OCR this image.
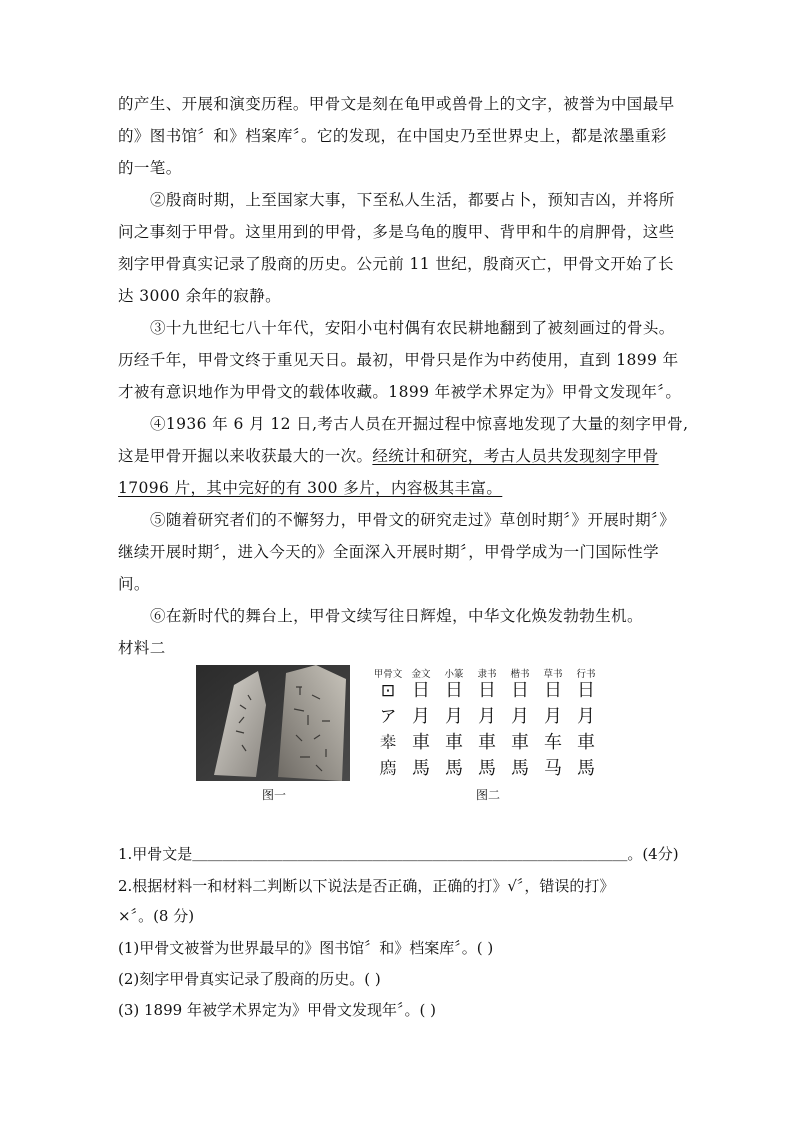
的产生、开展和演变历程。甲骨文是刻在龟甲或兽骨上的文字，被誉为中国最早
的》图书馆〞和》档案库〞。它的发现，在中国史乃至世界史上，都是浓墨重彩
的一笔。
②殷商时期，上至国家大事，下至私人生活，都要占卜，预知吉凶，并将所
问之事刻于甲骨。这里用到的甲骨，多是乌龟的腹甲、背甲和牛的肩胛骨，这些
刻字甲骨真实记录了殷商的历史。公元前 11 世纪，殷商灭亡，甲骨文开始了长
达 3000 余年的寂静。
③十九世纪七八十年代，安阳小屯村偶有农民耕地翻到了被刻画过的骨头。
历经千年，甲骨文终于重见天日。最初，甲骨只是作为中药使用，直到 1899 年
才被有意识地作为甲骨文的载体收藏。1899 年被学术界定为》甲骨文发现年〞。
④1936 年 6 月 12 日,考古人员在开掘过程中惊喜地发现了大量的刻字甲骨,
这是甲骨开掘以来收获最大的一次。经统计和研究，考古人员共发现刻字甲骨
17096 片，其中完好的有 300 多片，内容极其丰富。
⑤随着研究者们的不懈努力，甲骨文的研究走过》草创时期〞》开展时期〞》
继续开展时期〞，进入今天的》全面深入开展时期〞，甲骨学成为一门国际性学
问。
⑥在新时代的舞台上，甲骨文续写往日辉煌，中华文化焕发勃勃生机。
材料二
图一
甲骨文 金文	小篆	隶书	楷书	草书	行书
⊡ 日 日 日 日 日 日
ア 月 月 月 月 月 月
𠦪 車 車 車 車 车 車
𢊁 馬 馬 馬 馬 马 馬
图二
1.甲骨文是＿＿＿＿＿＿＿＿＿＿＿＿＿＿＿＿＿＿＿＿＿＿＿＿＿＿＿＿＿。(4分)
2.根据材料一和材料二判断以下说法是否正确，正确的打》√〞，错误的打》
×〞。(8 分)
(1)甲骨文被誉为世界最早的》图书馆〞和》档案库〞。( )
(2)刻字甲骨真实记录了殷商的历史。( )
(3) 1899 年被学术界定为》甲骨文发现年〞。( )
